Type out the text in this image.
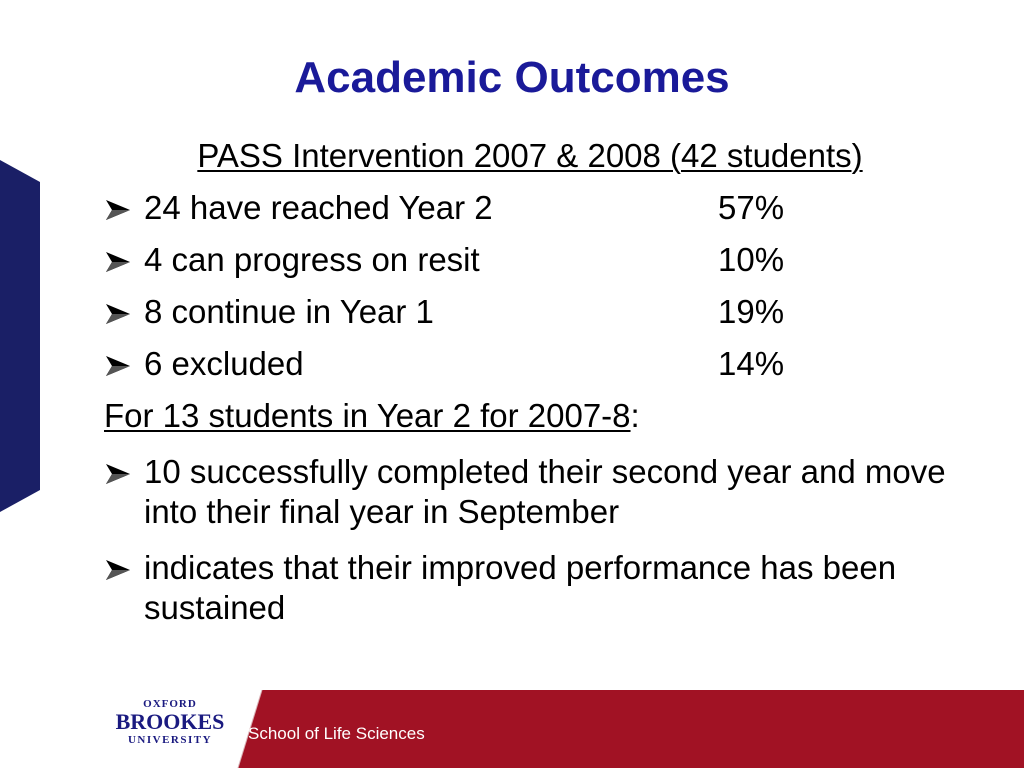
Academic Outcomes
PASS Intervention 2007 & 2008 (42 students)
24 have reached Year 2	57%
4 can progress on resit	10%
8 continue in Year 1	19%
6 excluded	14%
For 13 students in Year 2 for 2007-8:
10 successfully completed their second year and move into their final year in September
indicates that their improved performance has been sustained
OXFORD
BROOKES
UNIVERSITY	School of Life Sciences
